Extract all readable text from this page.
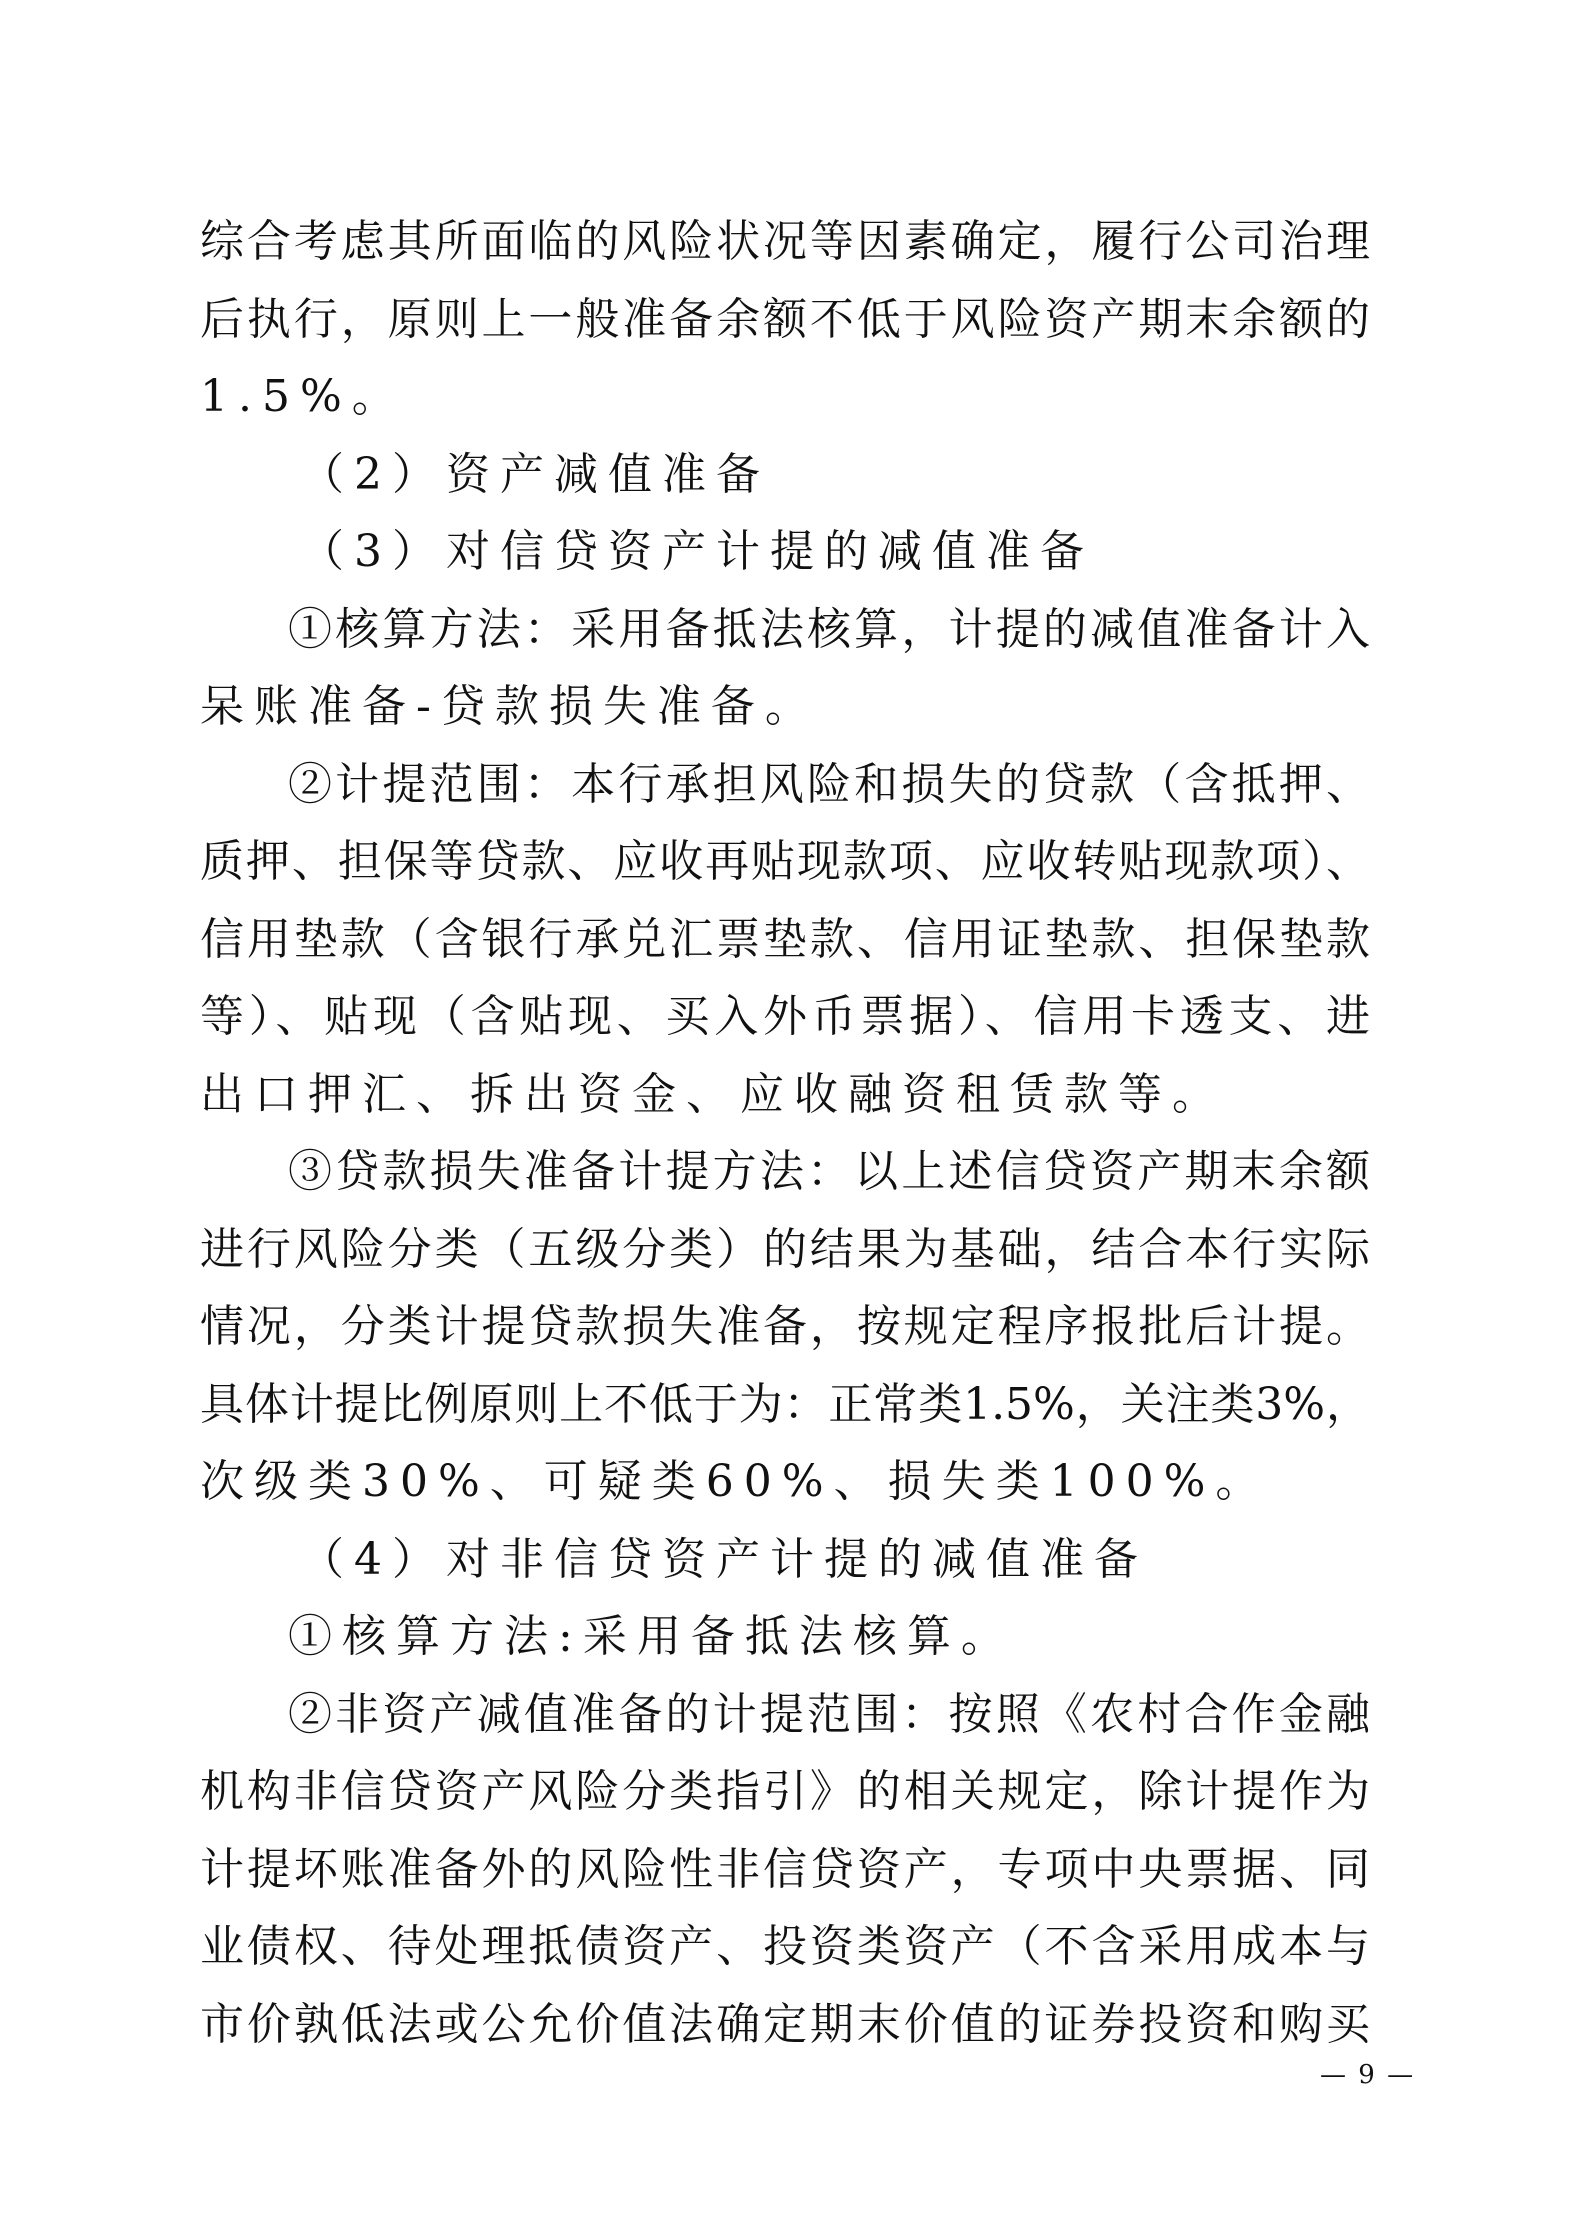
综合考虑其所面临的风险状况等因素确定，履行公司治理
后执行，原则上一般准备余额不低于风险资产期末余额的
1.5%。
（2）资产减值准备
（3）对信贷资产计提的减值准备
①核算方法：采用备抵法核算，计提的减值准备计入
呆账准备-贷款损失准备。
②计提范围：本行承担风险和损失的贷款（含抵押、
质押、担保等贷款、应收再贴现款项、应收转贴现款项）、
信用垫款（含银行承兑汇票垫款、信用证垫款、担保垫款
等）、贴现（含贴现、买入外币票据）、信用卡透支、进
出口押汇、拆出资金、应收融资租赁款等。
③贷款损失准备计提方法：以上述信贷资产期末余额
进行风险分类（五级分类）的结果为基础，结合本行实际
情况，分类计提贷款损失准备，按规定程序报批后计提。
具体计提比例原则上不低于为：正常类1.5%，关注类3%，
次级类30%、可疑类60%、损失类100%。
（4）对非信贷资产计提的减值准备
①核算方法:采用备抵法核算。
②非资产减值准备的计提范围：按照《农村合作金融
机构非信贷资产风险分类指引》的相关规定，除计提作为
计提坏账准备外的风险性非信贷资产，专项中央票据、同
业债权、待处理抵债资产、投资类资产（不含采用成本与
市价孰低法或公允价值法确定期末价值的证券投资和购买
— 9 —
